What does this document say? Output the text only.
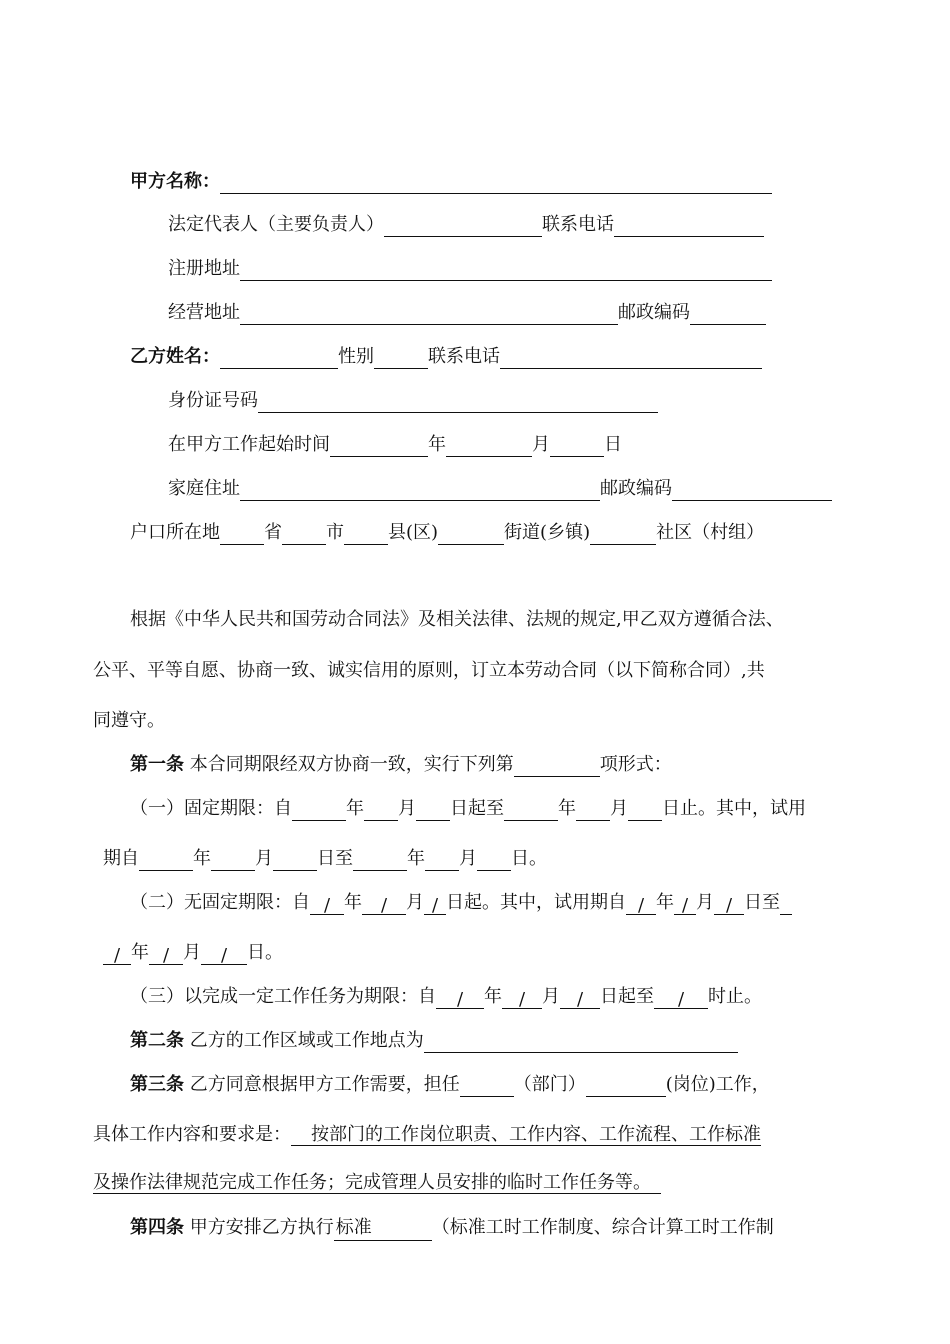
甲方名称：
法定代表人（主要负责人）	联系电话
注册地址
经营地址	邮政编码
乙方姓名：	性别	联系电话
身份证号码
在甲方工作起始时间	年	月	日
家庭住址	邮政编码
户口所在地 省 市 县(区)	街道(乡镇)	社区（村组）
根据《中华人民共和国劳动合同法》及相关法律、法规的规定,甲乙双方遵循合法、
公平、平等自愿、协商一致、诚实信用的原则，订立本劳动合同（以下简称合同）,共
同遵守。
第一条 本合同期限经双方协商一致，实行下列第	项形式：
（一）固定期限：自	年 月 日起至	年 月 日止。其中，试用
期自	年 月 日至	年 月 日。
（二）无固定期限：自 / 年 / 月 / 日起。其中，试用期自 / 年 / 月 / 日至
/ 年 / 月 / 日。
（三）以完成一定工作任务为期限：自 / 年 / 月 / 日起至 / 时止。
第二条 乙方的工作区域或工作地点为
第三条 乙方同意根据甲方工作需要，担任	（部门）	(岗位)工作，
具体工作内容和要求是： 按部门的工作岗位职责、工作内容、工作流程、工作标准
及操作法律规范完成工作任务；完成管理人员安排的临时工作任务等。
第四条 甲方安排乙方执行 标准	（标准工时工作制度、综合计算工时工作制
